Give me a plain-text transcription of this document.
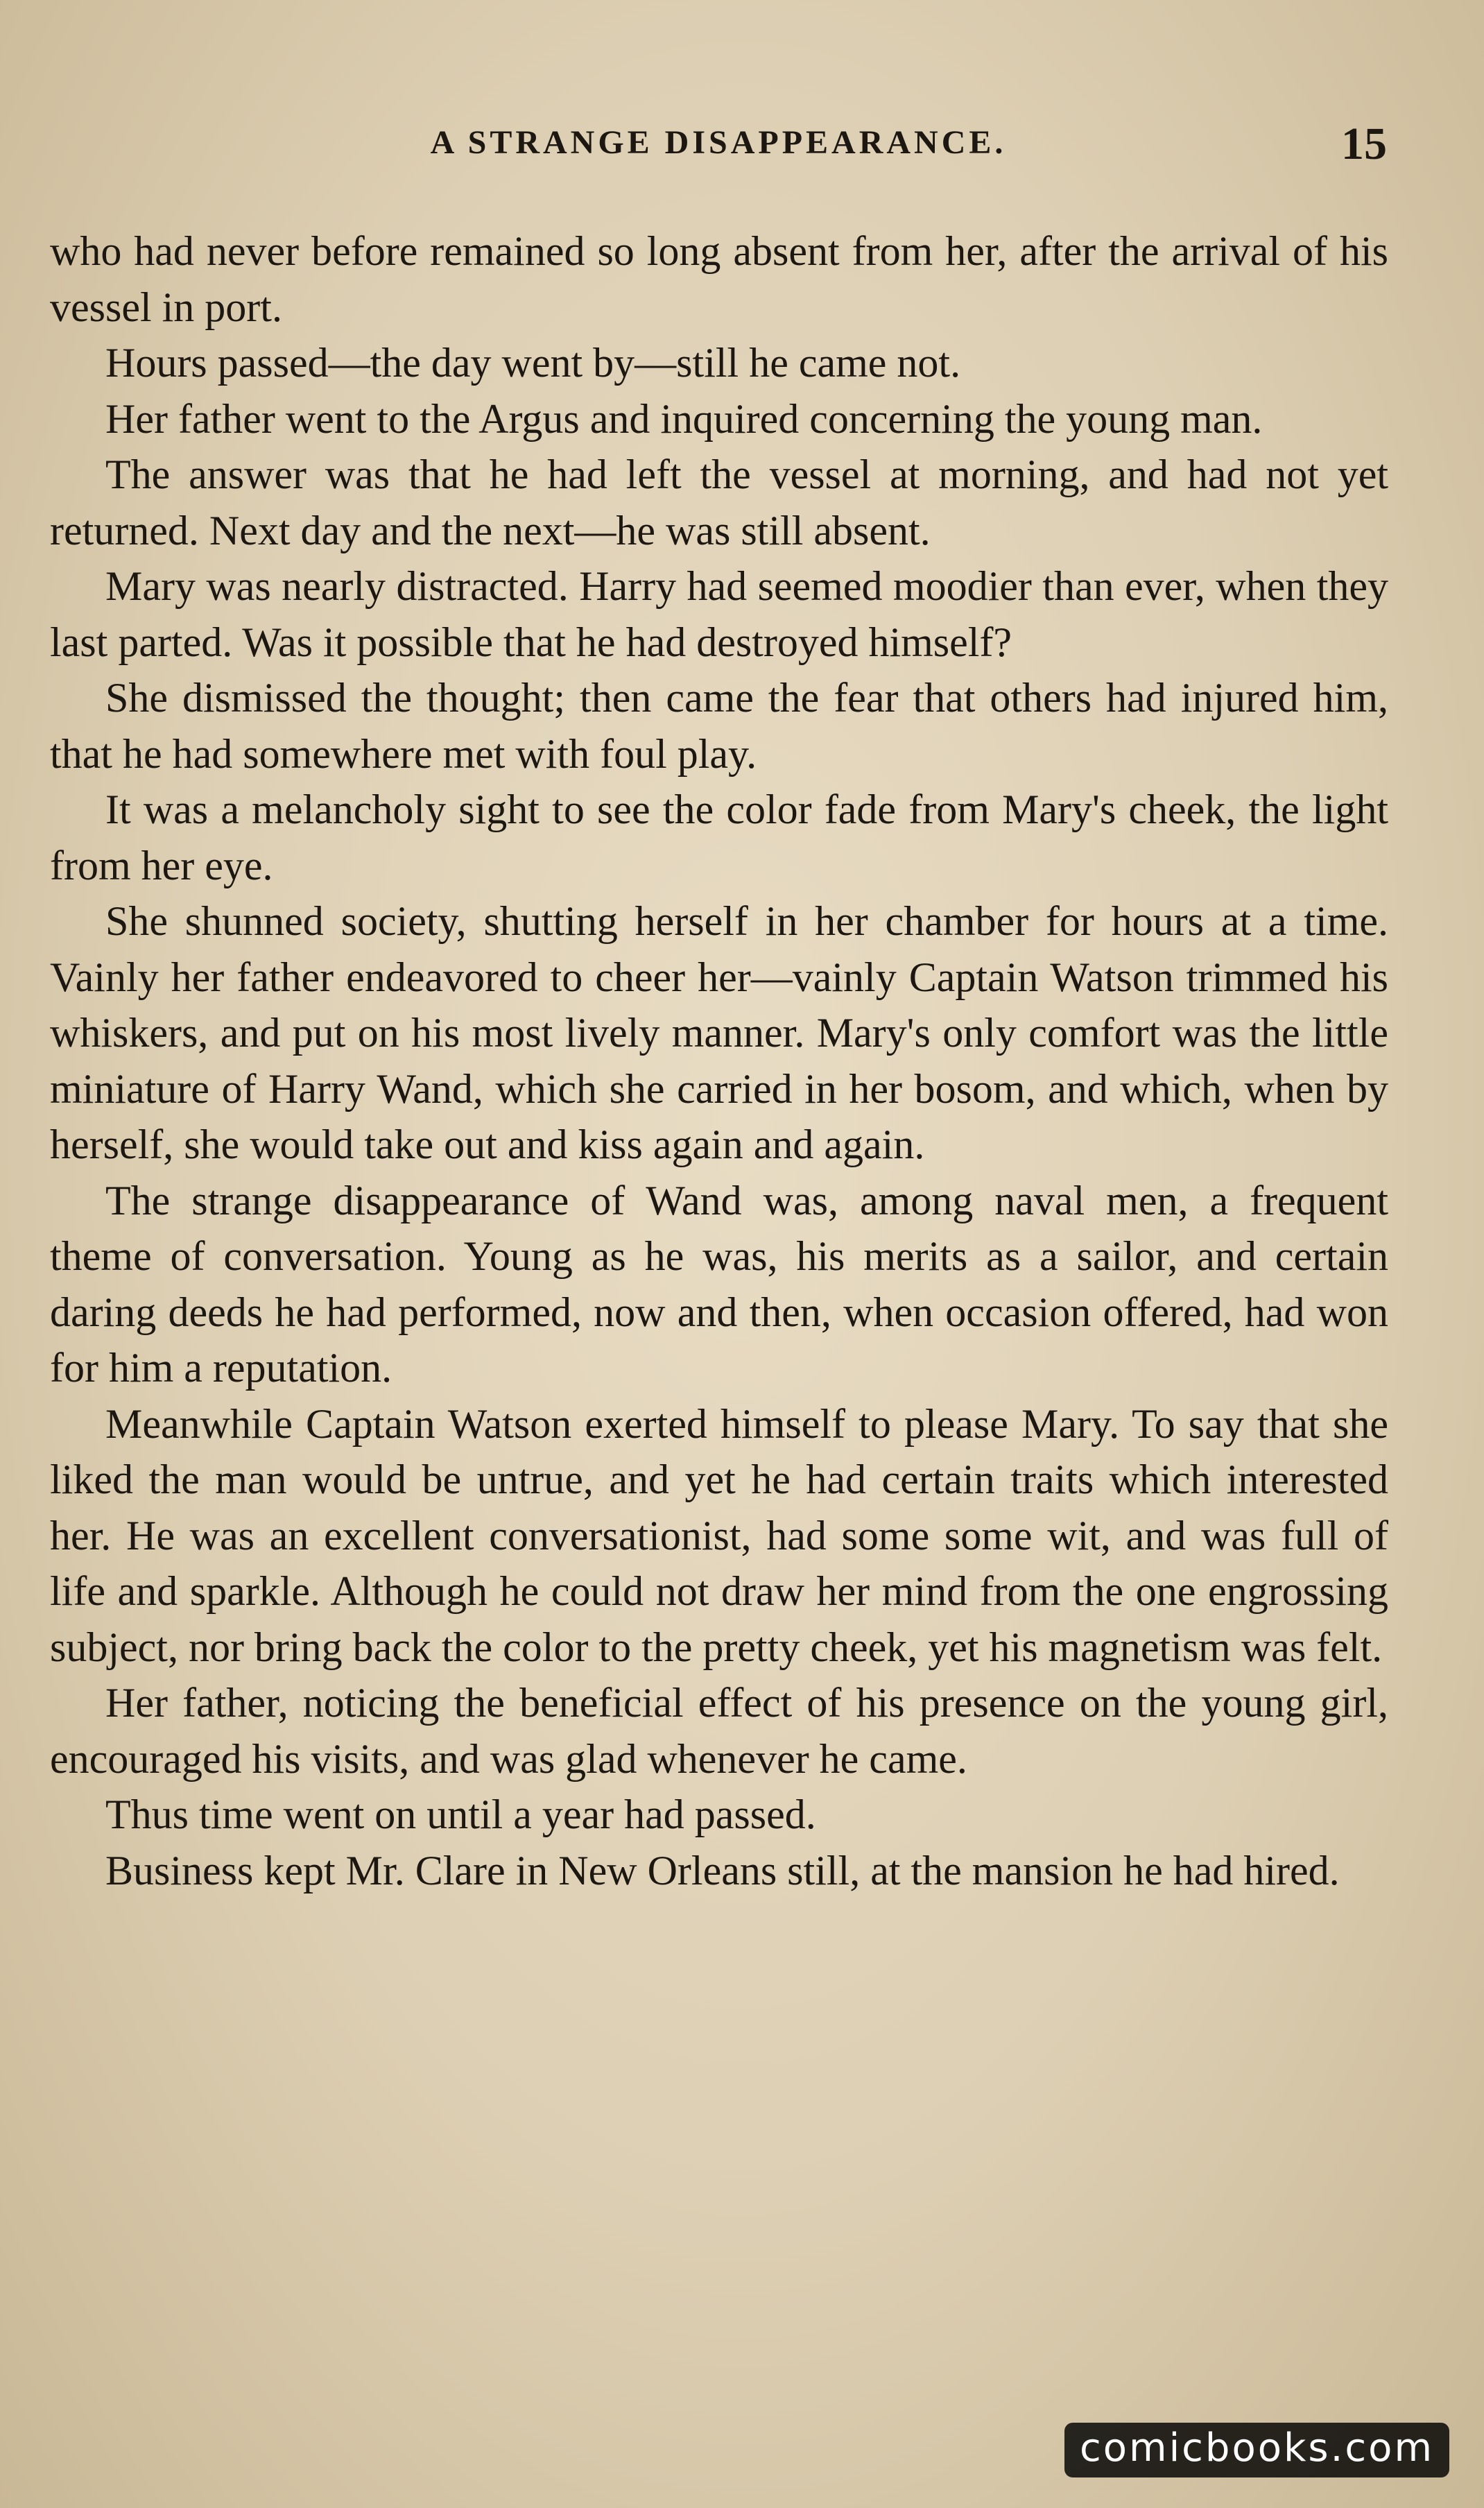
A STRANGE DISAPPEARANCE.	15

who had never before remained so long absent from her, after the arrival of his vessel in port.

Hours passed—the day went by—still he came not.

Her father went to the Argus and inquired concerning the young man.

The answer was that he had left the vessel at morning, and had not yet returned. Next day and the next—he was still absent.

Mary was nearly distracted. Harry had seemed moodier than ever, when they last parted. Was it possible that he had destroyed himself?

She dismissed the thought; then came the fear that others had injured him, that he had somewhere met with foul play.

It was a melancholy sight to see the color fade from Mary's cheek, the light from her eye.

She shunned society, shutting herself in her chamber for hours at a time. Vainly her father endeavored to cheer her—vainly Captain Watson trimmed his whiskers, and put on his most lively manner. Mary's only comfort was the little miniature of Harry Wand, which she carried in her bosom, and which, when by herself, she would take out and kiss again and again.

The strange disappearance of Wand was, among naval men, a frequent theme of conversation. Young as he was, his merits as a sailor, and certain daring deeds he had performed, now and then, when occasion offered, had won for him a reputation.

Meanwhile Captain Watson exerted himself to please Mary. To say that she liked the man would be untrue, and yet he had certain traits which interested her. He was an excellent conversationist, had some some wit, and was full of life and sparkle. Although he could not draw her mind from the one engrossing subject, nor bring back the color to the pretty cheek, yet his magnetism was felt.

Her father, noticing the beneficial effect of his presence on the young girl, encouraged his visits, and was glad whenever he came.

Thus time went on until a year had passed.

Business kept Mr. Clare in New Orleans still, at the mansion he had hired.

comicbooks.com
